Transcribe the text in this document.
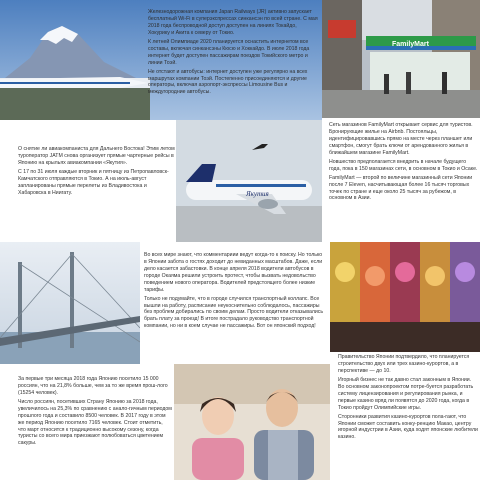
Железнодорожная компания Japan Railways (JR) активно запускает бесплатный Wi-Fi в суперэкспрессах синкансэн по всей стране. С мая 2018 года беспроводной доступ доступен на линиях Токайдо, Хокурику и Акита к северу от Токио.

К летней Олимпиаде 2020 планируется оснастить интернетом все составы, включая синкансэны Кюсю и Хоккайдо. В июле 2018 года интернет будет доступен пассажирам поездов Токийского метро и линии Тоэй.

Не отстают и автобусы: интернет доступен уже регулярно на всех маршрутах компании Тоэй. Постепенно присоединяются и другие операторы, включая аэропорт-экспрессы Limousine Bus и междугородние автобусы.

FamilyMart

О снятие ли авиакомпаниста для Дальнего Востока! Этим летом туроператор JATM снова организует прямые чартерные рейсы в Японию на крыльях авиакомпании «Якутия».

С 17 по 31 июля каждые вторник и пятницу из Петропавловск-Камчатского отправляются в Токио. А на июль-август запланированы прямые перелеты из Владивостока и Хабаровска в Ниигату.	Якутия

Сеть магазинов FamilyMart открывает сервис для туристов. Бронирующие жилье на Airbnb. Постояльцы, идентифицировавшись прямо на месте через планшет или смартфон, смогут брать ключи от арендованного жилья в ближайшем магазине FamilyMart.

Новшество предполагается внедрить в начале будущего года, пока в 150 магазинах сети, в основном в Токио и Осаке.

FamilyMart — второй по величине магазинный сети Японии после 7 Eleven, насчитывающая более 16 тысяч торговых точек по стране и еще около 25 тысяч за рубежом, в основном в Азии.

Во всех мире знают, что комментариии ведут когда-то к поиску. Но только в Японии забота о гостях доходит до невиданных масштабов. Даже, если дело касается забастовки. В конце апреля 2018 водители автобусов в городе Окаяма решили устроить протест, чтобы вызвать недовольство поведением нового оператора. Водителей предстоящего более низкие тарифы.

Только не подумайте, что в городе случился транспортный коллапс. Все вышли на работу, расписание неукоснительно соблюдалось, пассажиры без проблем добирались по своим делам. Просто водители отказывались брать плату за проезд! В итоге пострадало руководство транспортной компании, но ни в коем случае не пассажиры. Вот он японский подход!

За первые три месяца 2018 года Японию посетило 15 000 россиян, что на 21,8% больше, чем за то же время прош-лого (15254 человек).

Число россиян, посетивших Страну Японию за 2018 года, увеличилось на 25,3% по сравнению с анало-гичным периодом прошлого года и составило 8500 человек. В 2017 году в этом же период Японию посетило 7165 человек. Стоит отметить, что март относится к традиционно высокому сезону, когда туристы со всего мира приезжают полюбоваться цветением сакуры.

Правительство Японии подтвердило, что планируется строительство двух или трех казино-курортов, а в перспективе — до 10.

Игорный бизнес не так давно стал законным в Японии. Во основном законопроектом потре-буется разработать систему лицензирования и регулирования рынка, и первые казино вряд ли появятся до 2020 года, когда в Токио пройдут Олимпийские игры.

Сторонники развития казино-курортов пола-гают, что Японии сможет составить конку-ренцию Макао, центру игорной индустрии в Азии, куда ходят японские любители казино.
